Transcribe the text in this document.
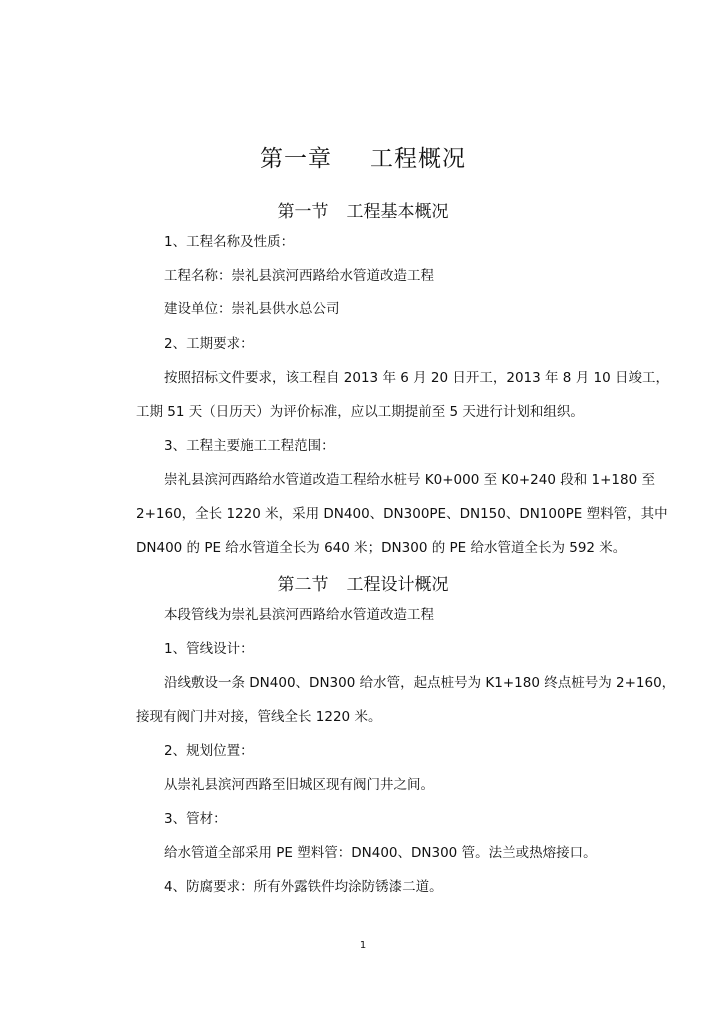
第一章 工程概况
第一节 工程基本概况
1、工程名称及性质：
工程名称：崇礼县滨河西路给水管道改造工程
建设单位：崇礼县供水总公司
2、工期要求：
按照招标文件要求，该工程自 2013 年 6 月 20 日开工，2013 年 8 月 10 日竣工，
工期 51 天（日历天）为评价标准，应以工期提前至 5 天进行计划和组织。
3、工程主要施工工程范围：
崇礼县滨河西路给水管道改造工程给水桩号 K0+000 至 K0+240 段和 1+180 至
2+160，全长 1220 米，采用 DN400、DN300PE、DN150、DN100PE 塑料管，其中
DN400 的 PE 给水管道全长为 640 米；DN300 的 PE 给水管道全长为 592 米。
第二节 工程设计概况
本段管线为崇礼县滨河西路给水管道改造工程
1、管线设计：
沿线敷设一条 DN400、DN300 给水管，起点桩号为 K1+180 终点桩号为 2+160，
接现有阀门井对接，管线全长 1220 米。
2、规划位置：
从崇礼县滨河西路至旧城区现有阀门井之间。
3、管材：
给水管道全部采用 PE 塑料管：DN400、DN300 管。法兰或热熔接口。
4、防腐要求：所有外露铁件均涂防锈漆二道。
1
